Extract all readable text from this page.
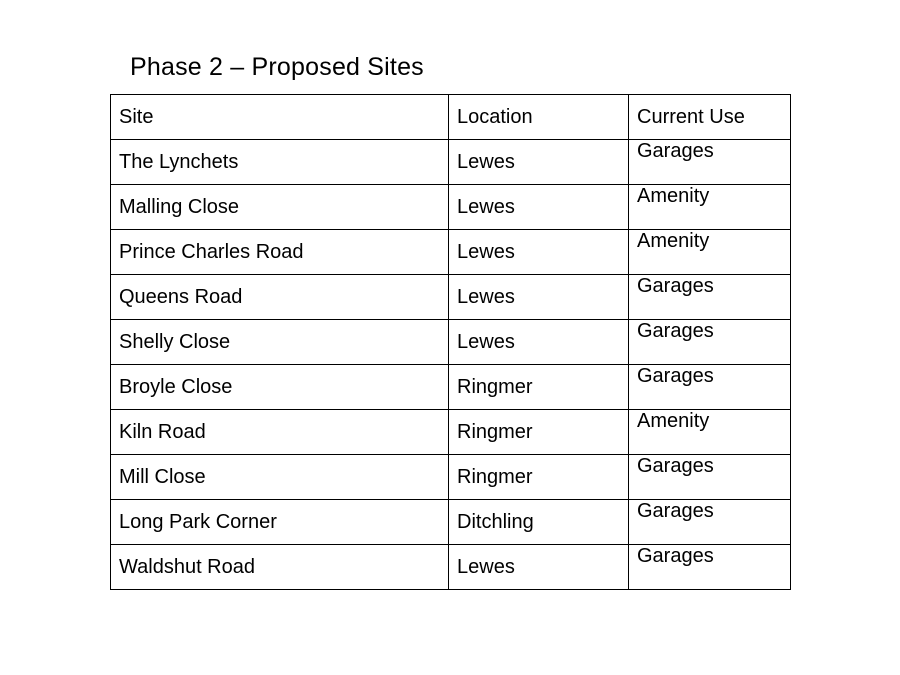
Phase 2 – Proposed Sites
Site	Location	Current Use
The Lynchets	Lewes	Garages
Malling Close	Lewes	Amenity
Prince Charles Road	Lewes	Amenity
Queens Road	Lewes	Garages
Shelly Close	Lewes	Garages
Broyle Close	Ringmer	Garages
Kiln Road	Ringmer	Amenity
Mill Close	Ringmer	Garages
Long Park Corner	Ditchling	Garages
Waldshut Road	Lewes	Garages
